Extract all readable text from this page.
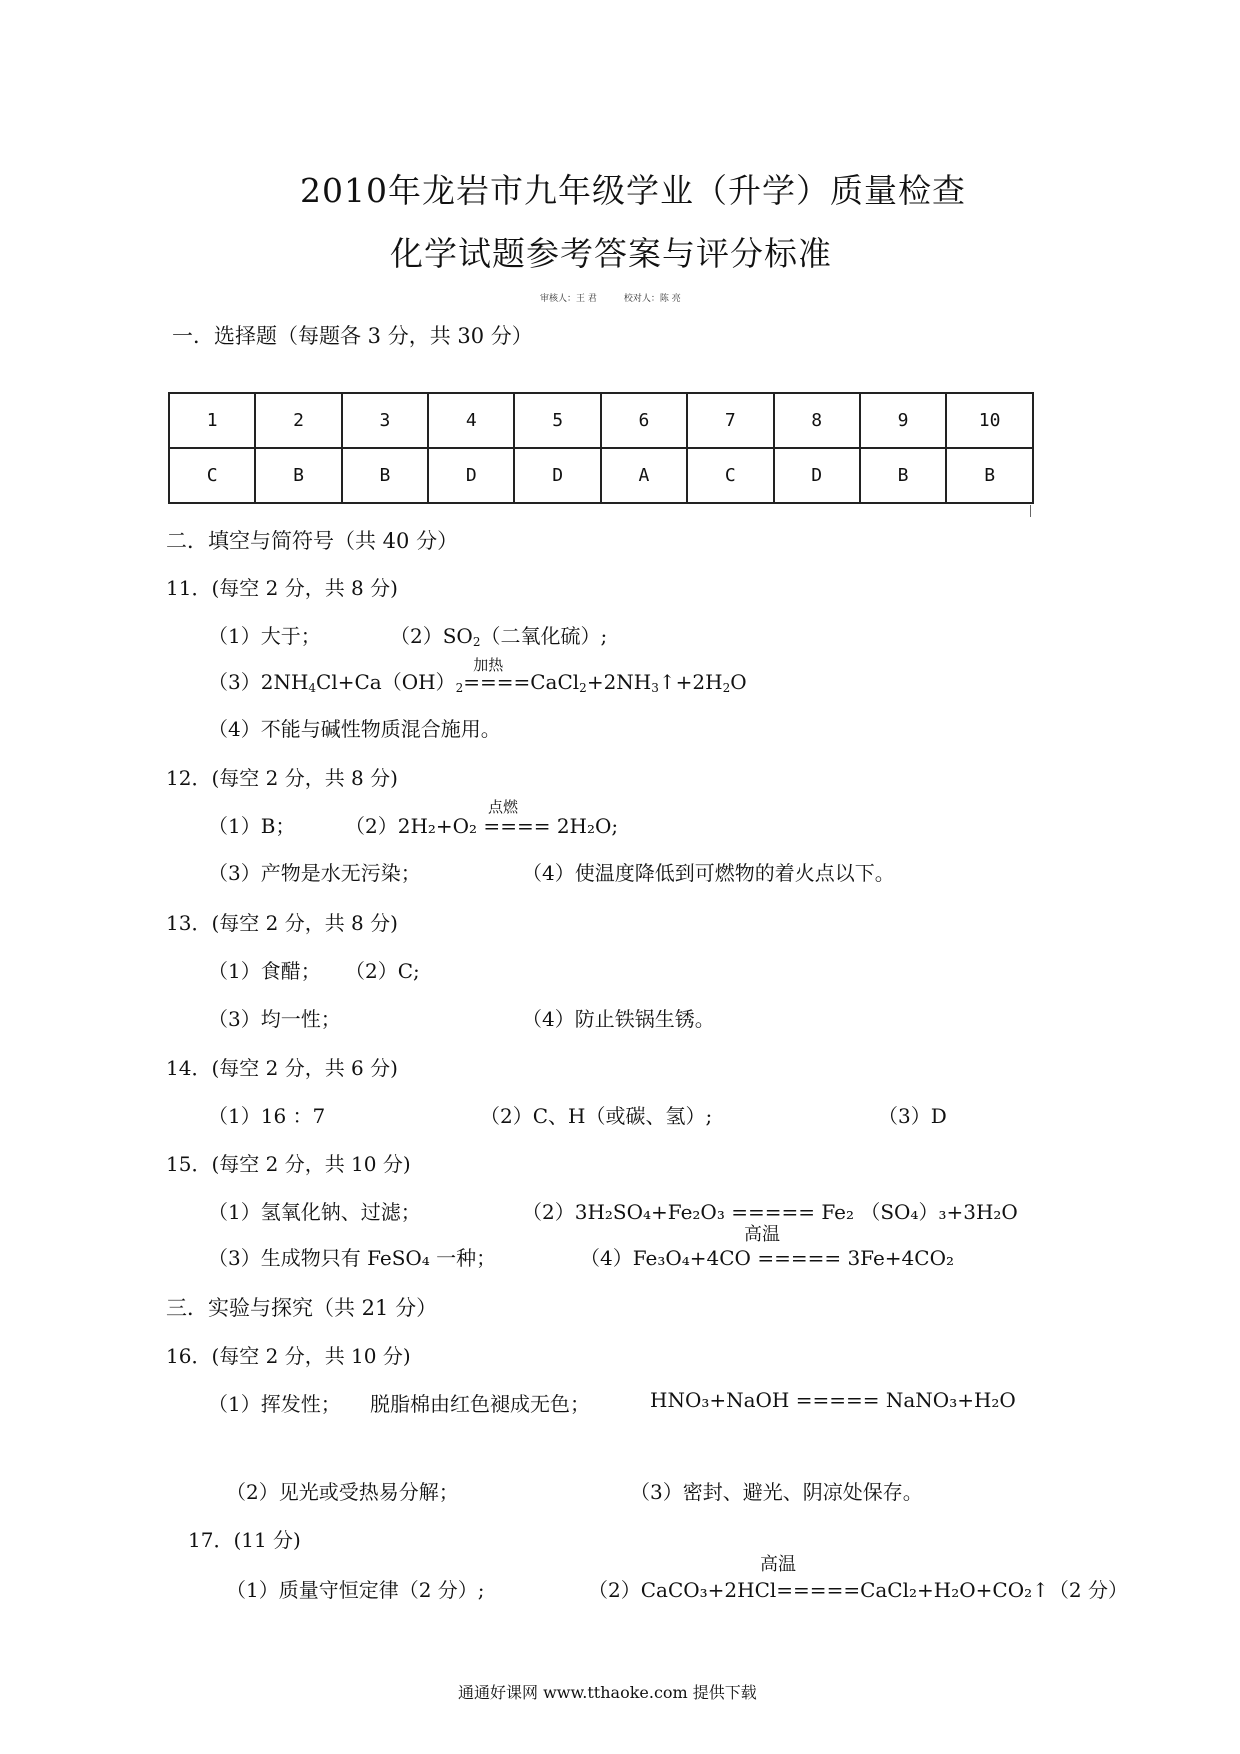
2010年龙岩市九年级学业（升学）质量检查
化学试题参考答案与评分标准
审核人：王 君　　　校对人：陈 亮
一．选择题（每题各 3 分，共 30 分）
1	2	3	4	5	6	7	8	9	10
C	B	B	D	D	A	C	D	B	B
二．填空与简符号（共 40 分）
11．(每空 2 分，共 8 分)
（1）大于；	$(2)SO_2$（二氧化硫）;
$(3)2NH_4Cl+Ca(OH)_2$
加热
$====CaCl_2+2NH_3↑+2H_2O$
（4）不能与碱性物质混合施用。
12．(每空 2 分，共 8 分)
（1）B；
点燃
（2）2H₂+O₂ ==== 2H₂O;
（3）产物是水无污染；	（4）使温度降低到可燃物的着火点以下。
13．(每空 2 分，共 8 分)
（1）食醋； （2）C;
（3）均一性；	（4）防止铁锅生锈。
14．(每空 2 分，共 6 分)
（1）16 ：7	（2）C、H（或碳、氢）;	（3）D
15．(每空 2 分，共 10 分)
（1）氢氧化钠、过滤；	（2）3H₂SO₄+Fe₂O₃ ===== Fe₂ （SO₄）₃+3H₂O
（3）生成物只有 FeSO₄ 一种；
高温
（4）Fe₃O₄+4CO ===== 3Fe+4CO₂
三．实验与探究（共 21 分）
16．(每空 2 分，共 10 分)
（1）挥发性； 脱脂棉由红色褪成无色；	HNO₃+NaOH ===== NaNO₃+H₂O
（2）见光或受热易分解；	（3）密封、避光、阴凉处保存。
17．(11 分)
（1）质量守恒定律（2 分）;
高温
（2）CaCO₃+2HCl=====CaCl₂+H₂O+CO₂↑（2 分）
通通好课网 www.tthaoke.com 提供下载
